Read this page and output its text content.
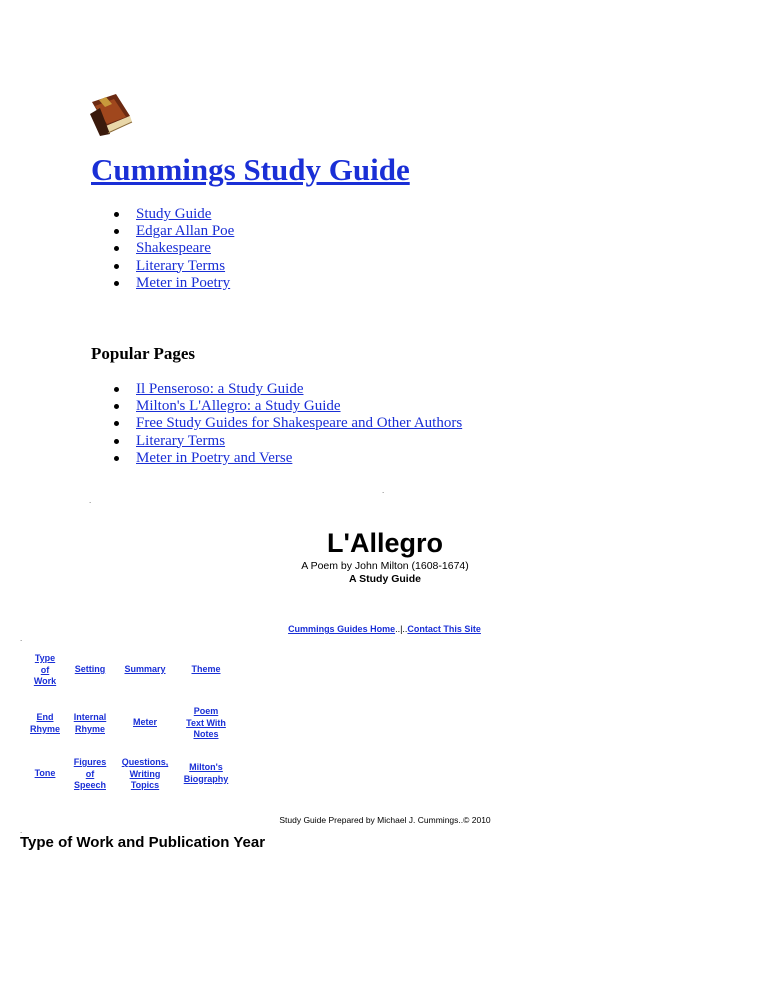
Cummings Study Guide
Study Guide
Edgar Allan Poe
Shakespeare
Literary Terms
Meter in Poetry
Popular Pages
Il Penseroso: a Study Guide
Milton's L'Allegro: a Study Guide
Free Study Guides for Shakespeare and Other Authors
Literary Terms
Meter in Poetry and Verse
.
.
.
.
L'Allegro
A Poem by John Milton (1608-1674)
A Study Guide
Cummings Guides Home..|..Contact This Site
Type
of
Work
Setting	Summary	Theme
End
Rhyme
Internal
Rhyme
Meter
Poem
Text With
Notes
Tone
Figures
of
Speech
Questions,
Writing
Topics
Milton's
Biography
Study Guide Prepared by Michael J. Cummings..© 2010
Type of Work and Publication Year
